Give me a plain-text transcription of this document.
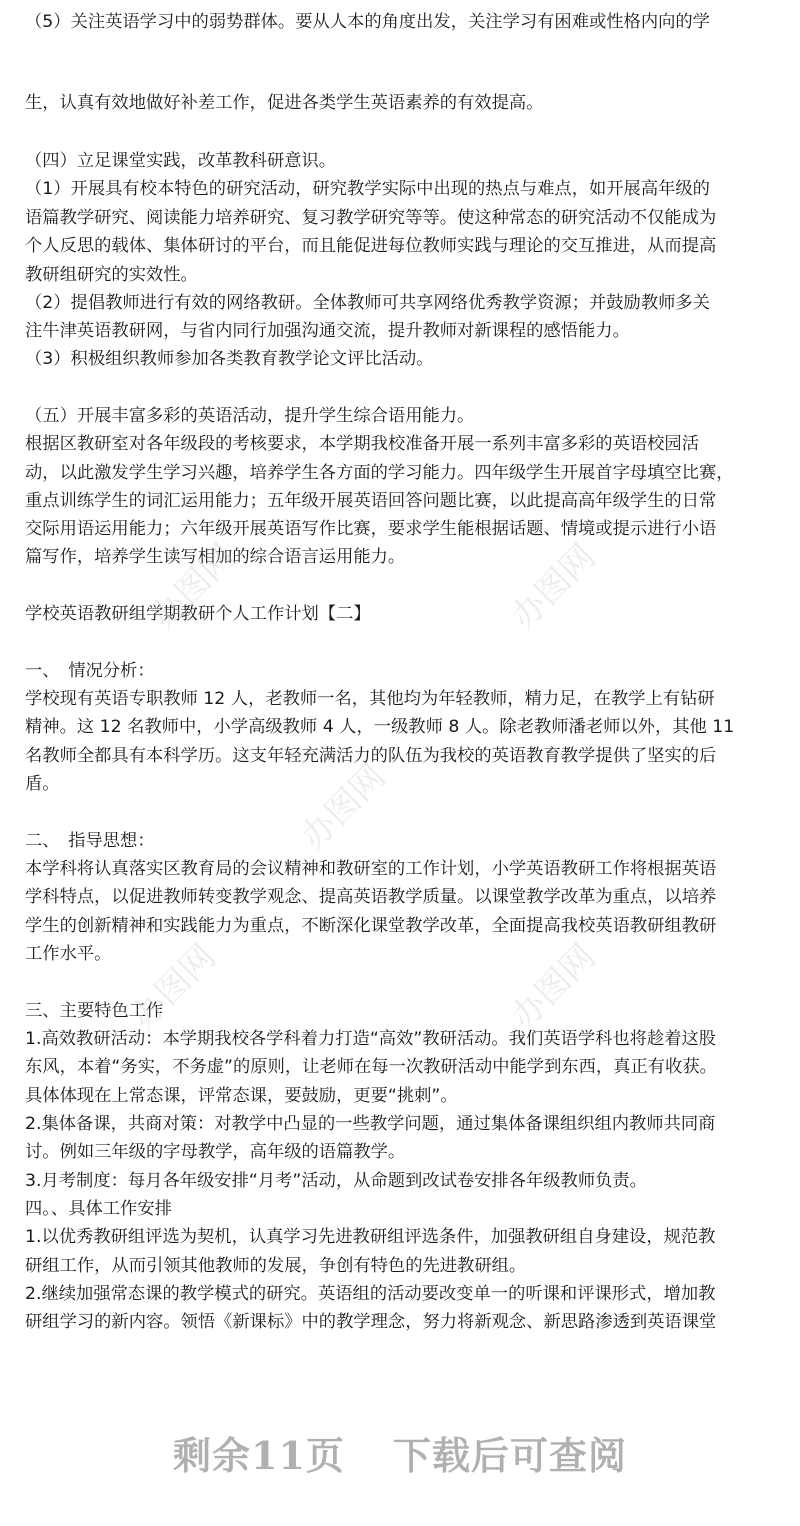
（5）关注英语学习中的弱势群体。要从人本的角度出发，关注学习有困难或性格内向的学
生，认真有效地做好补差工作，促进各类学生英语素养的有效提高。
（四）立足课堂实践，改革教科研意识。
（1）开展具有校本特色的研究活动，研究教学实际中出现的热点与难点，如开展高年级的
语篇教学研究、阅读能力培养研究、复习教学研究等等。使这种常态的研究活动不仅能成为
个人反思的载体、集体研讨的平台，而且能促进每位教师实践与理论的交互推进，从而提高
教研组研究的实效性。
（2）提倡教师进行有效的网络教研。全体教师可共享网络优秀教学资源；并鼓励教师多关
注牛津英语教研网，与省内同行加强沟通交流，提升教师对新课程的感悟能力。
（3）积极组织教师参加各类教育教学论文评比活动。
（五）开展丰富多彩的英语活动，提升学生综合语用能力。
根据区教研室对各年级段的考核要求，本学期我校准备开展一系列丰富多彩的英语校园活
动，以此激发学生学习兴趣，培养学生各方面的学习能力。四年级学生开展首字母填空比赛，
重点训练学生的词汇运用能力；五年级开展英语回答问题比赛，以此提高高年级学生的日常
交际用语运用能力；六年级开展英语写作比赛，要求学生能根据话题、情境或提示进行小语
篇写作，培养学生读写相加的综合语言运用能力。
学校英语教研组学期教研个人工作计划【二】
一、　情况分析：
学校现有英语专职教师 12 人，老教师一名，其他均为年轻教师，精力足，在教学上有钻研
精神。这 12 名教师中，小学高级教师 4 人，一级教师 8 人。除老教师潘老师以外，其他 11
名教师全都具有本科学历。这支年轻充满活力的队伍为我校的英语教育教学提供了坚实的后
盾。
二、　指导思想：
本学科将认真落实区教育局的会议精神和教研室的工作计划，小学英语教研工作将根据英语
学科特点，以促进教师转变教学观念、提高英语教学质量。以课堂教学改革为重点，以培养
学生的创新精神和实践能力为重点，不断深化课堂教学改革，全面提高我校英语教研组教研
工作水平。
三、主要特色工作
1.高效教研活动：本学期我校各学科着力打造“高效”教研活动。我们英语学科也将趁着这股
东风，本着“务实，不务虚”的原则，让老师在每一次教研活动中能学到东西，真正有收获。
具体体现在上常态课，评常态课，要鼓励，更要“挑刺”。
2.集体备课，共商对策：对教学中凸显的一些教学问题，通过集体备课组织组内教师共同商
讨。例如三年级的字母教学，高年级的语篇教学。
3.月考制度：每月各年级安排“月考”活动，从命题到改试卷安排各年级教师负责。
四。、具体工作安排
1.以优秀教研组评选为契机，认真学习先进教研组评选条件，加强教研组自身建设，规范教
研组工作，从而引领其他教师的发展，争创有特色的先进教研组。
2.继续加强常态课的教学模式的研究。英语组的活动要改变单一的听课和评课形式，增加教
研组学习的新内容。领悟《新课标》中的教学理念，努力将新观念、新思路渗透到英语课堂
办图网	办图网
办图网
办图网	办图网
剩余11页 下载后可查阅
